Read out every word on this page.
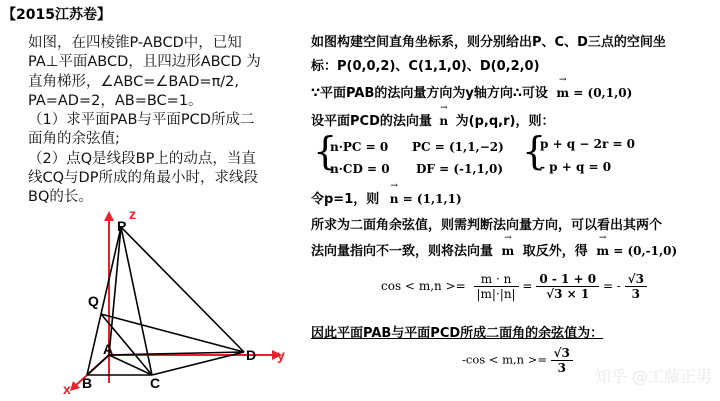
【2015江苏卷】
如图，在四棱锥P-ABCD中，已知
PA⊥平面ABCD，且四边形ABCD 为
直角梯形，∠ABC=∠BAD=π/2,
PA=AD=2，AB=BC=1。
（1）求平面PAB与平面PCD所成二
面角的余弦值;
（2）点Q是线段BP上的动点，当直
线CQ与DP所成的角最小时，求线段
BQ的长。
如图构建空间直角坐标系，则分别给出P、C、D三点的空间坐
标：P(0,0,2)、C(1,1,0)、D(0,2,0)
∵平面PAB的法向量方向为y轴方向∴可设 → m = (0,1,0)
设平面PCD的法向量 → n 为(p,q,r)，则：
{
n·PC = 0
n·CD = 0
PC = (1,1,−2)
DF = (-1,1,0) {
p + q − 2r = 0
- p + q = 0
令p=1，则 → n = (1,1,1)
所求为二面角余弦值，则需判断法向量方向，可以看出其两个
法向量指向不一致，则将法向量 → m 取反外，得 → m = (0,-1,0)
$\cos < m,n >= \frac{m \cdot n}{|m|\cdot|n|} = \frac{0 - 1 + 0}{√3 \times 1}$ = - $\frac{√3}{3}$
因此平面PAB与平面PCD所成二面角的余弦值为：
$-\cos < m,n >= \frac{√3}{3}$
知乎 @工藤正男
P
z
Q
A	D y
B	C
x
